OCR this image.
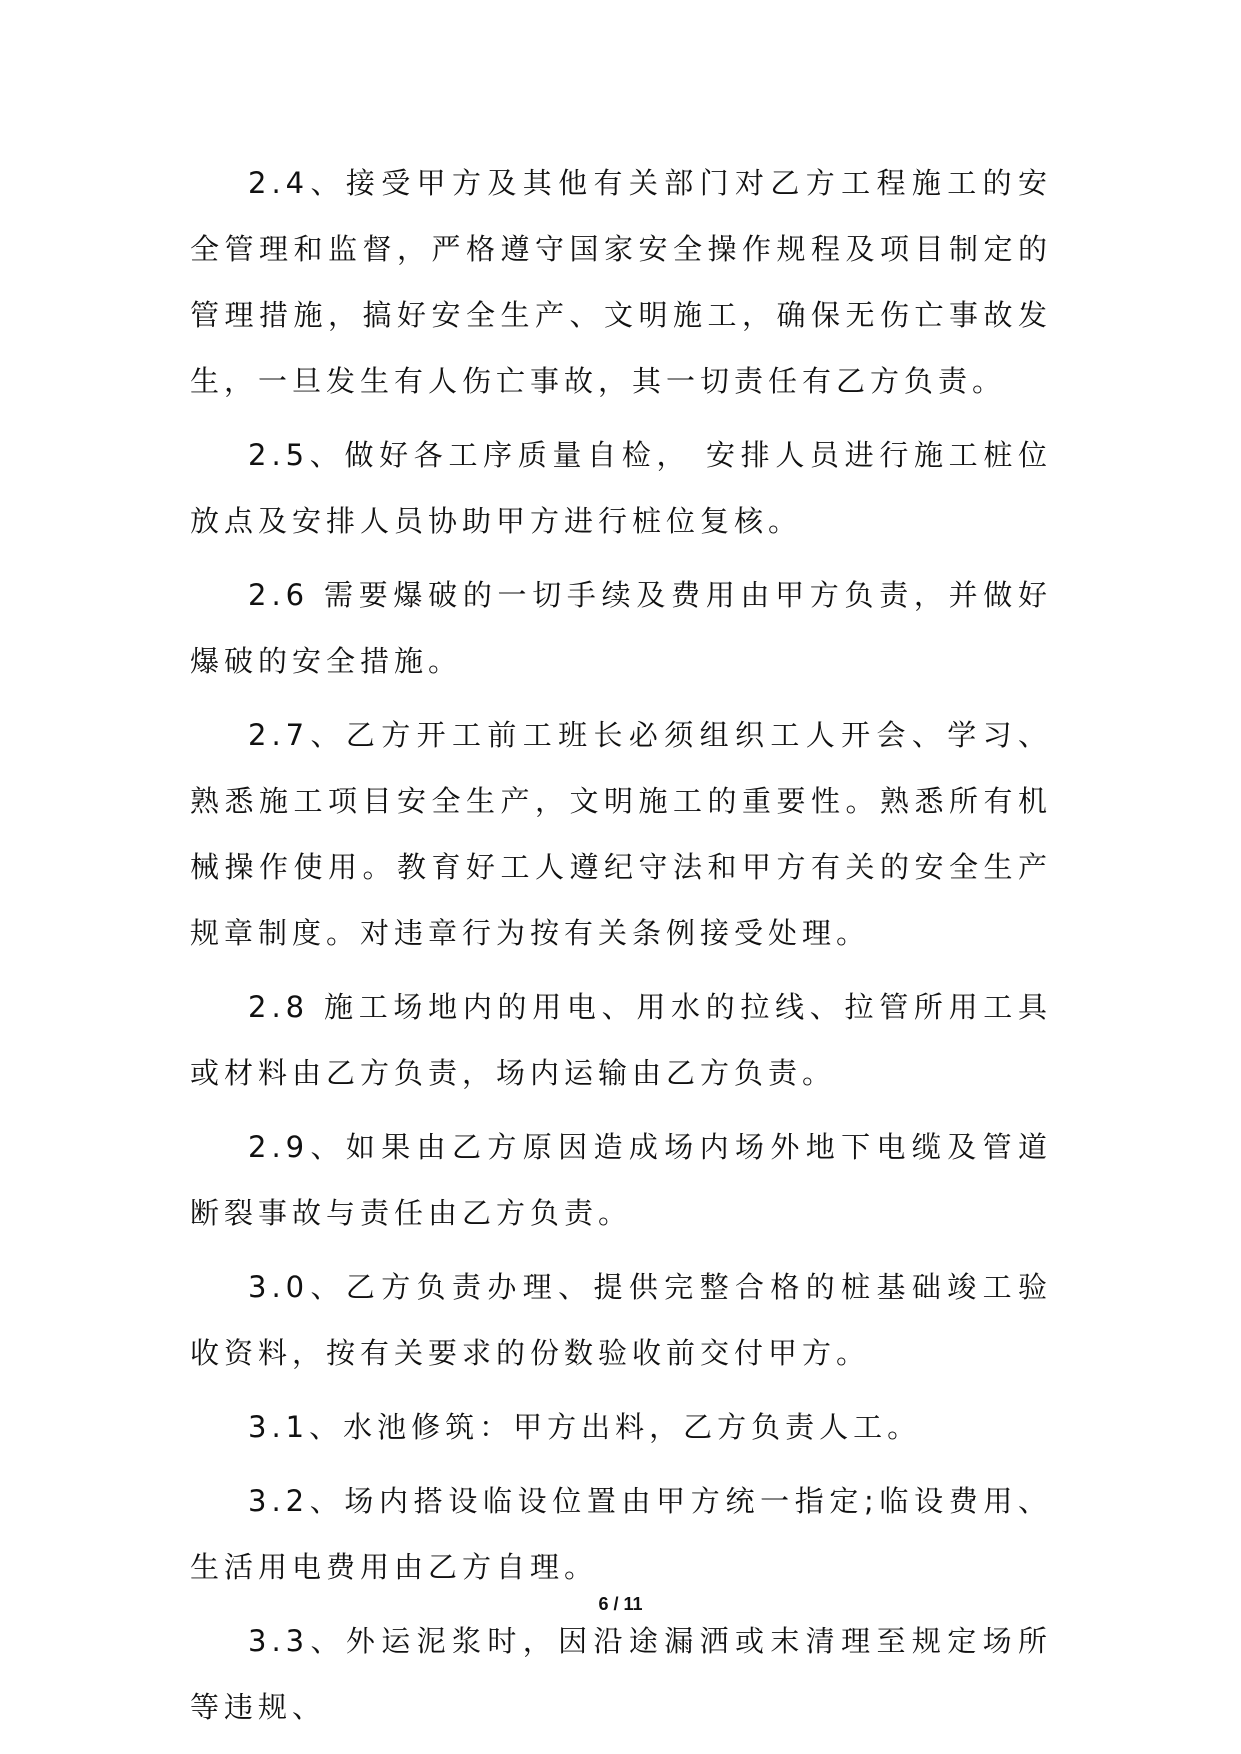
2.4、接受甲方及其他有关部门对乙方工程施工的安全管理和监督，严格遵守国家安全操作规程及项目制定的管理措施，搞好安全生产、文明施工，确保无伤亡事故发生，一旦发生有人伤亡事故，其一切责任有乙方负责。

2.5、做好各工序质量自检， 安排人员进行施工桩位放点及安排人员协助甲方进行桩位复核。

2.6 需要爆破的一切手续及费用由甲方负责，并做好爆破的安全措施。

2.7、乙方开工前工班长必须组织工人开会、学习、熟悉施工项目安全生产，文明施工的重要性。熟悉所有机械操作使用。教育好工人遵纪守法和甲方有关的安全生产规章制度。对违章行为按有关条例接受处理。

2.8 施工场地内的用电、用水的拉线、拉管所用工具或材料由乙方负责，场内运输由乙方负责。

2.9、如果由乙方原因造成场内场外地下电缆及管道断裂事故与责任由乙方负责。

3.0、乙方负责办理、提供完整合格的桩基础竣工验收资料，按有关要求的份数验收前交付甲方。

3.1、水池修筑：甲方出料，乙方负责人工。

3.2、场内搭设临设位置由甲方统一指定;临设费用、生活用电费用由乙方自理。

3.3、外运泥浆时，因沿途漏洒或末清理至规定场所等违规、

6 / 11
